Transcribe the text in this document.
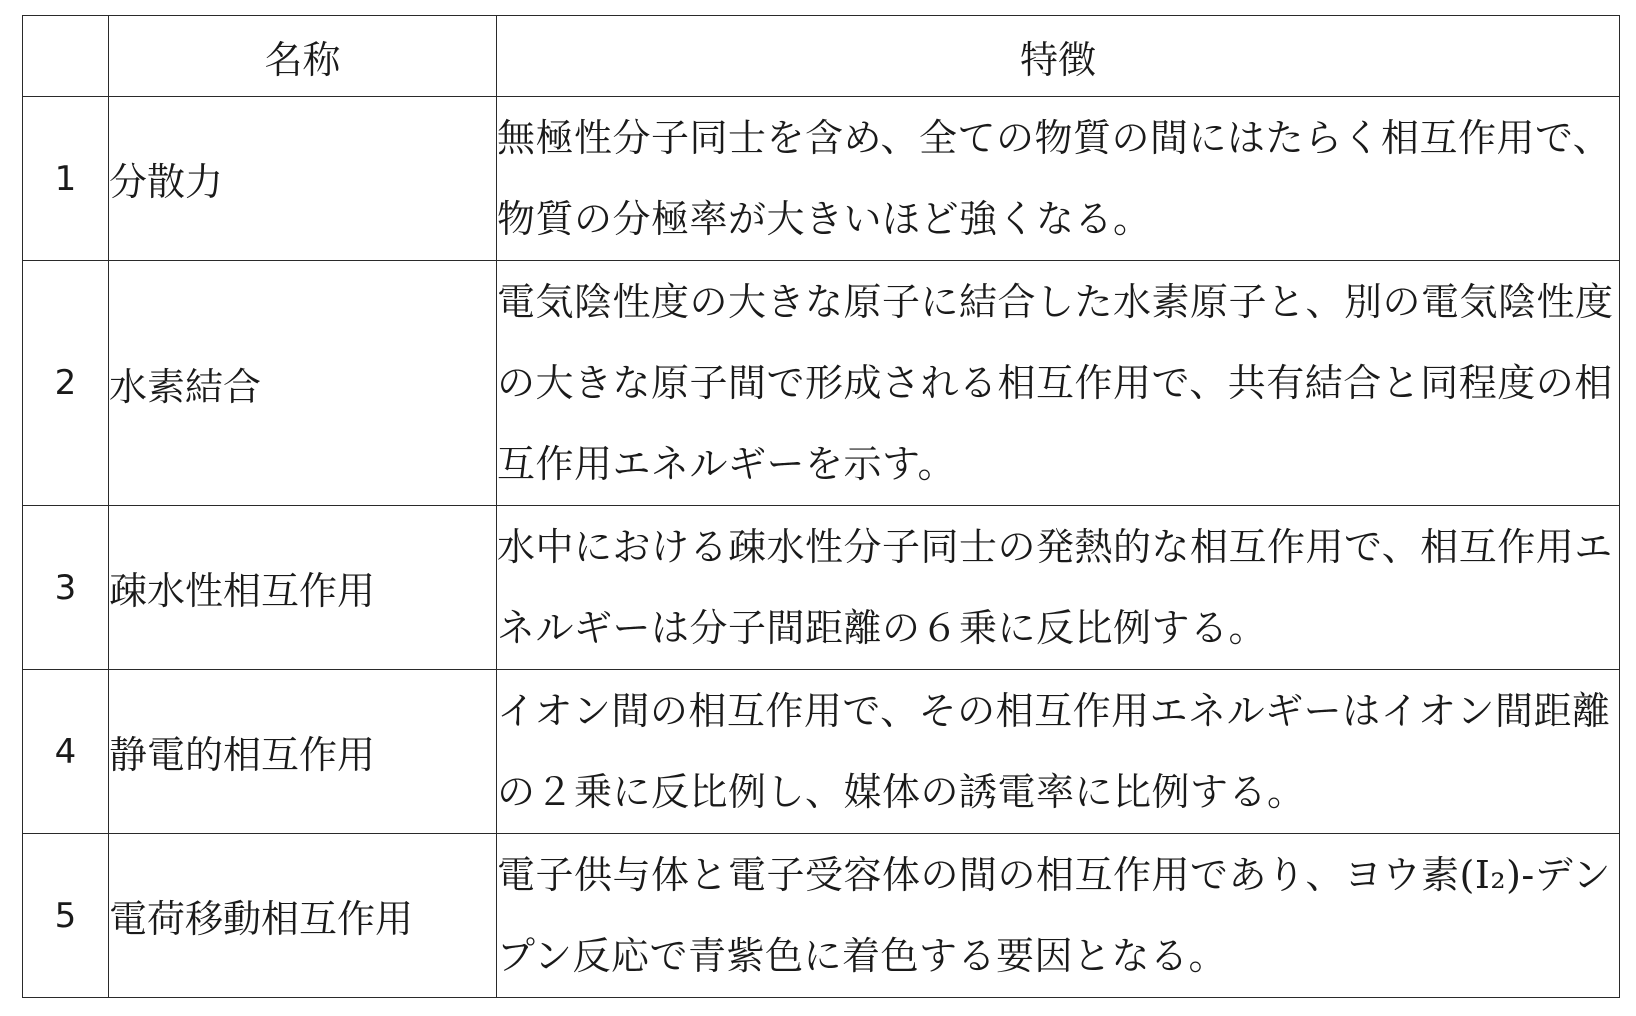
	名称	特徴
1	分散力	無極性分子同士を含め、全ての物質の間にはたらく相互作用で、物質の分極率が大きいほど強くなる。
2	水素結合	電気陰性度の大きな原子に結合した水素原子と、別の電気陰性度の大きな原子間で形成される相互作用で、共有結合と同程度の相互作用エネルギーを示す。
3	疎水性相互作用	水中における疎水性分子同士の発熱的な相互作用で、相互作用エネルギーは分子間距離の６乗に反比例する。
4	静電的相互作用	イオン間の相互作用で、その相互作用エネルギーはイオン間距離の２乗に反比例し、媒体の誘電率に比例する。
5	電荷移動相互作用	電子供与体と電子受容体の間の相互作用であり、ヨウ素(I₂)-デンプン反応で青紫色に着色する要因となる。
